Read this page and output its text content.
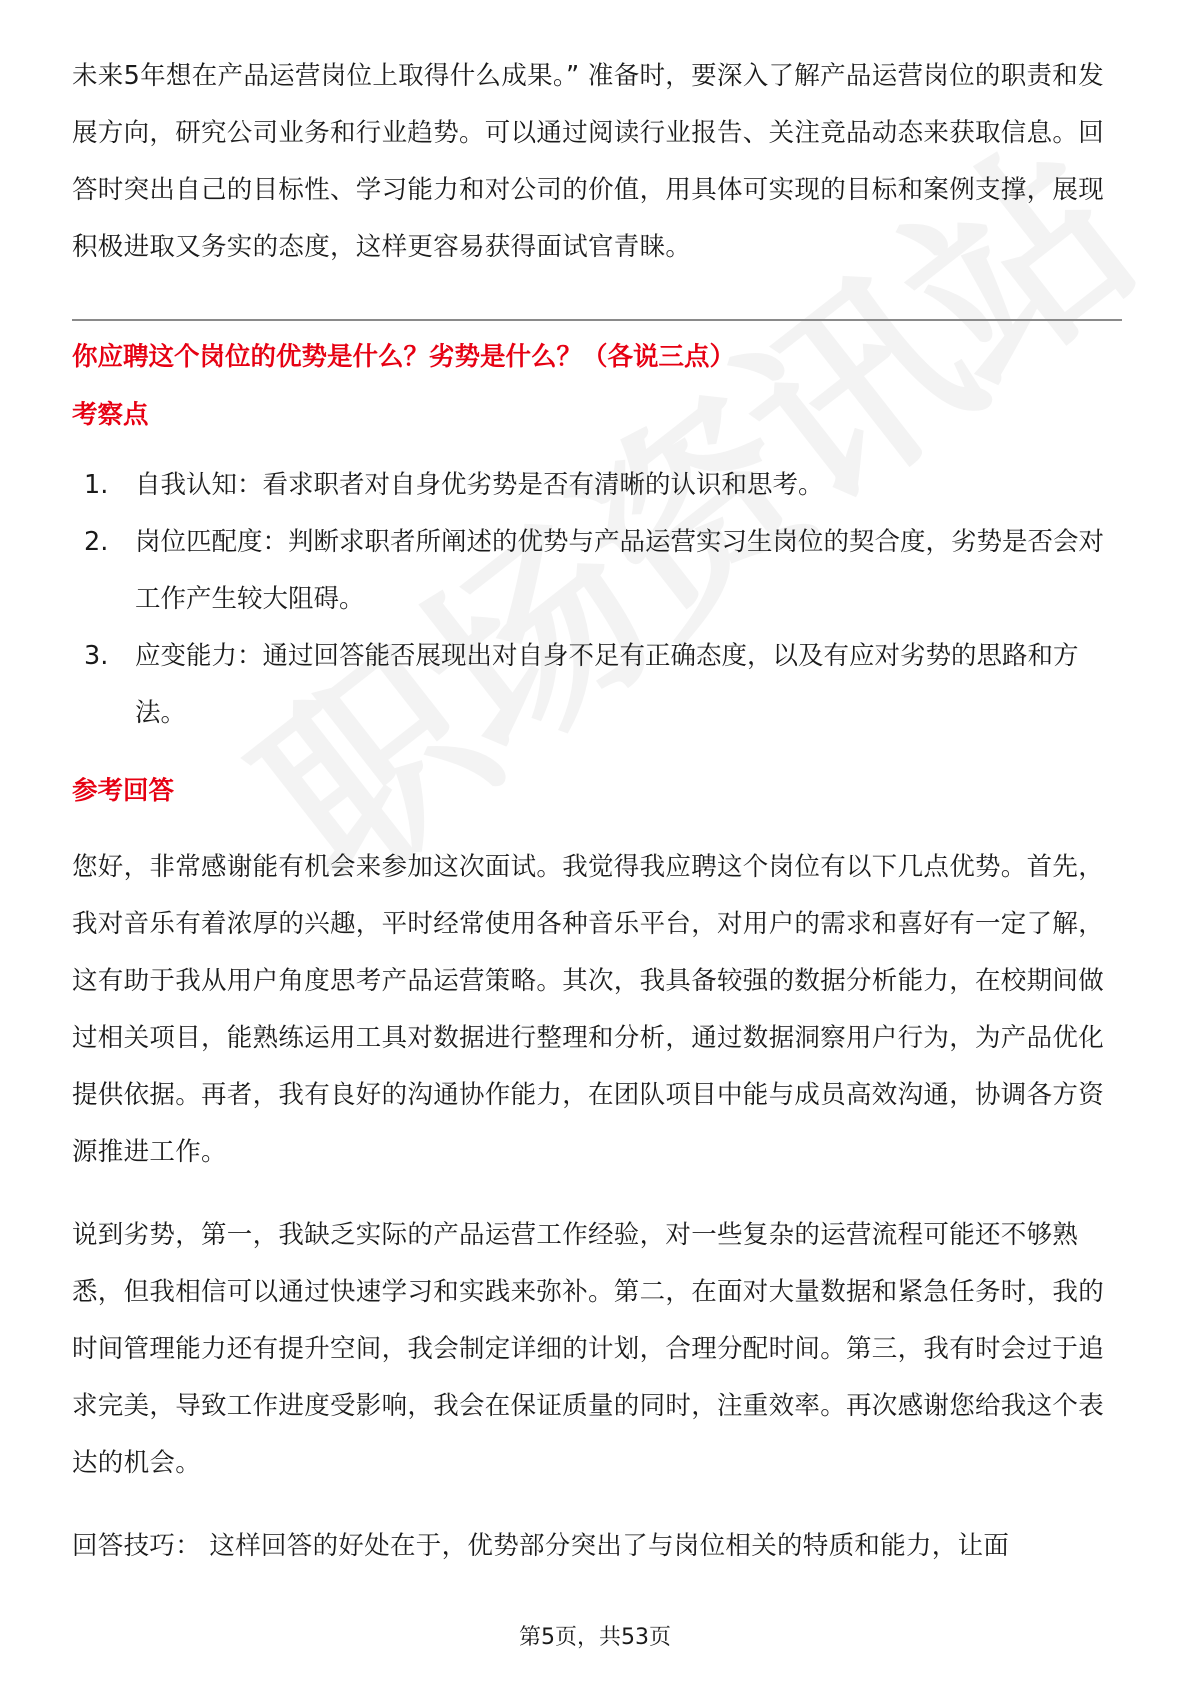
未来5年想在产品运营岗位上取得什么成果。” 准备时，要深入了解产品运营岗位的职责和发展方向，研究公司业务和行业趋势。可以通过阅读行业报告、关注竞品动态来获取信息。回答时突出自己的目标性、学习能力和对公司的价值，用具体可实现的目标和案例支撑，展现积极进取又务实的态度，这样更容易获得面试官青睐。

你应聘这个岗位的优势是什么？劣势是什么？（各说三点）

考察点

1.	自我认知：看求职者对自身优劣势是否有清晰的认识和思考。
2.	岗位匹配度：判断求职者所阐述的优势与产品运营实习生岗位的契合度，劣势是否会对工作产生较大阻碍。
3.	应变能力：通过回答能否展现出对自身不足有正确态度，以及有应对劣势的思路和方法。

参考回答

您好，非常感谢能有机会来参加这次面试。我觉得我应聘这个岗位有以下几点优势。首先，我对音乐有着浓厚的兴趣，平时经常使用各种音乐平台，对用户的需求和喜好有一定了解，这有助于我从用户角度思考产品运营策略。其次，我具备较强的数据分析能力，在校期间做过相关项目，能熟练运用工具对数据进行整理和分析，通过数据洞察用户行为，为产品优化提供依据。再者，我有良好的沟通协作能力，在团队项目中能与成员高效沟通，协调各方资源推进工作。

说到劣势，第一，我缺乏实际的产品运营工作经验，对一些复杂的运营流程可能还不够熟悉，但我相信可以通过快速学习和实践来弥补。第二，在面对大量数据和紧急任务时，我的时间管理能力还有提升空间，我会制定详细的计划，合理分配时间。第三，我有时会过于追求完美，导致工作进度受影响，我会在保证质量的同时，注重效率。再次感谢您给我这个表达的机会。

回答技巧： 这样回答的好处在于，优势部分突出了与岗位相关的特质和能力，让面

第5页，共53页
